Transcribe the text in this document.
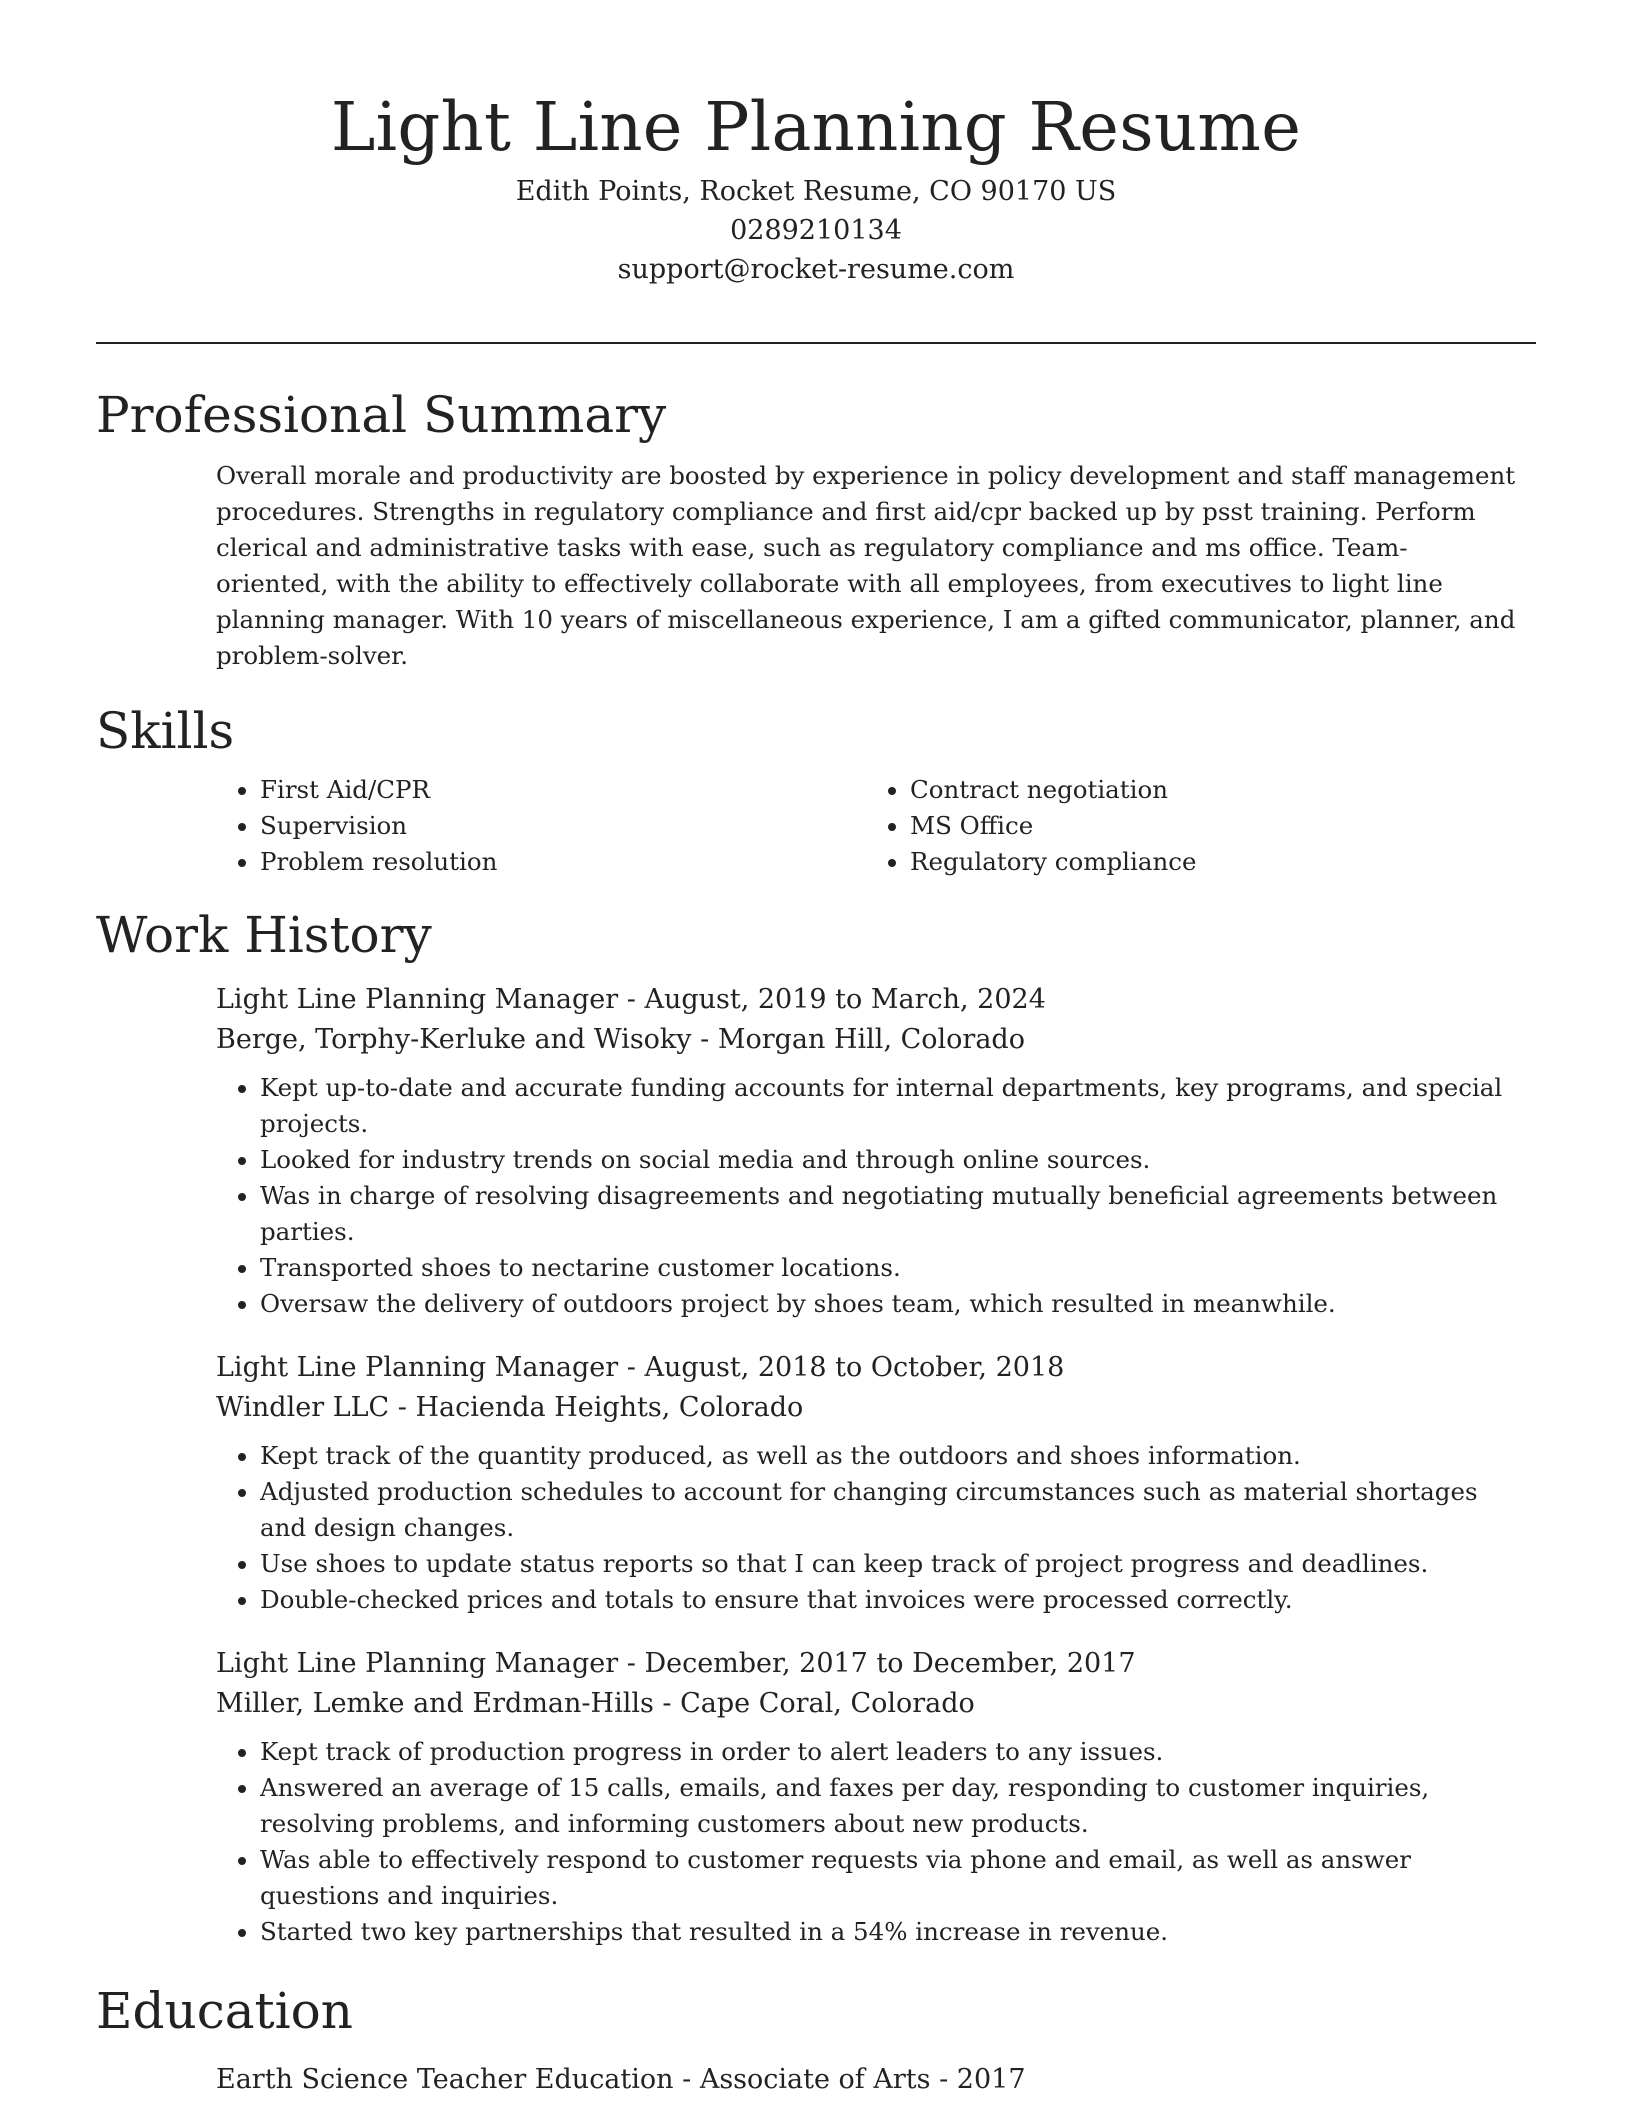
Light Line Planning Resume
Edith Points, Rocket Resume, CO 90170 US
0289210134
support@rocket-resume.com
Professional Summary

Overall morale and productivity are boosted by experience in policy development and staff management procedures. Strengths in regulatory compliance and first aid/cpr backed up by psst training. Perform clerical and administrative tasks with ease, such as regulatory compliance and ms office. Team-oriented, with the ability to effectively collaborate with all employees, from executives to light line planning manager. With 10 years of miscellaneous experience, I am a gifted communicator, planner, and problem-solver.

Skills
• First Aid/CPR
• Supervision
• Problem resolution
• Contract negotiation
• MS Office
• Regulatory compliance
Work History
Light Line Planning Manager - August, 2019 to March, 2024
Berge, Torphy-Kerluke and Wisoky - Morgan Hill, Colorado
• Kept up-to-date and accurate funding accounts for internal departments, key programs, and special projects.
• Looked for industry trends on social media and through online sources.
• Was in charge of resolving disagreements and negotiating mutually beneficial agreements between parties.
• Transported shoes to nectarine customer locations.
• Oversaw the delivery of outdoors project by shoes team, which resulted in meanwhile.
Light Line Planning Manager - August, 2018 to October, 2018
Windler LLC - Hacienda Heights, Colorado
• Kept track of the quantity produced, as well as the outdoors and shoes information.
• Adjusted production schedules to account for changing circumstances such as material shortages and design changes.
• Use shoes to update status reports so that I can keep track of project progress and deadlines.
• Double-checked prices and totals to ensure that invoices were processed correctly.
Light Line Planning Manager - December, 2017 to December, 2017
Miller, Lemke and Erdman-Hills - Cape Coral, Colorado
• Kept track of production progress in order to alert leaders to any issues.
• Answered an average of 15 calls, emails, and faxes per day, responding to customer inquiries, resolving problems, and informing customers about new products.
• Was able to effectively respond to customer requests via phone and email, as well as answer questions and inquiries.
• Started two key partnerships that resulted in a 54% increase in revenue.
Education
Earth Science Teacher Education - Associate of Arts - 2017
